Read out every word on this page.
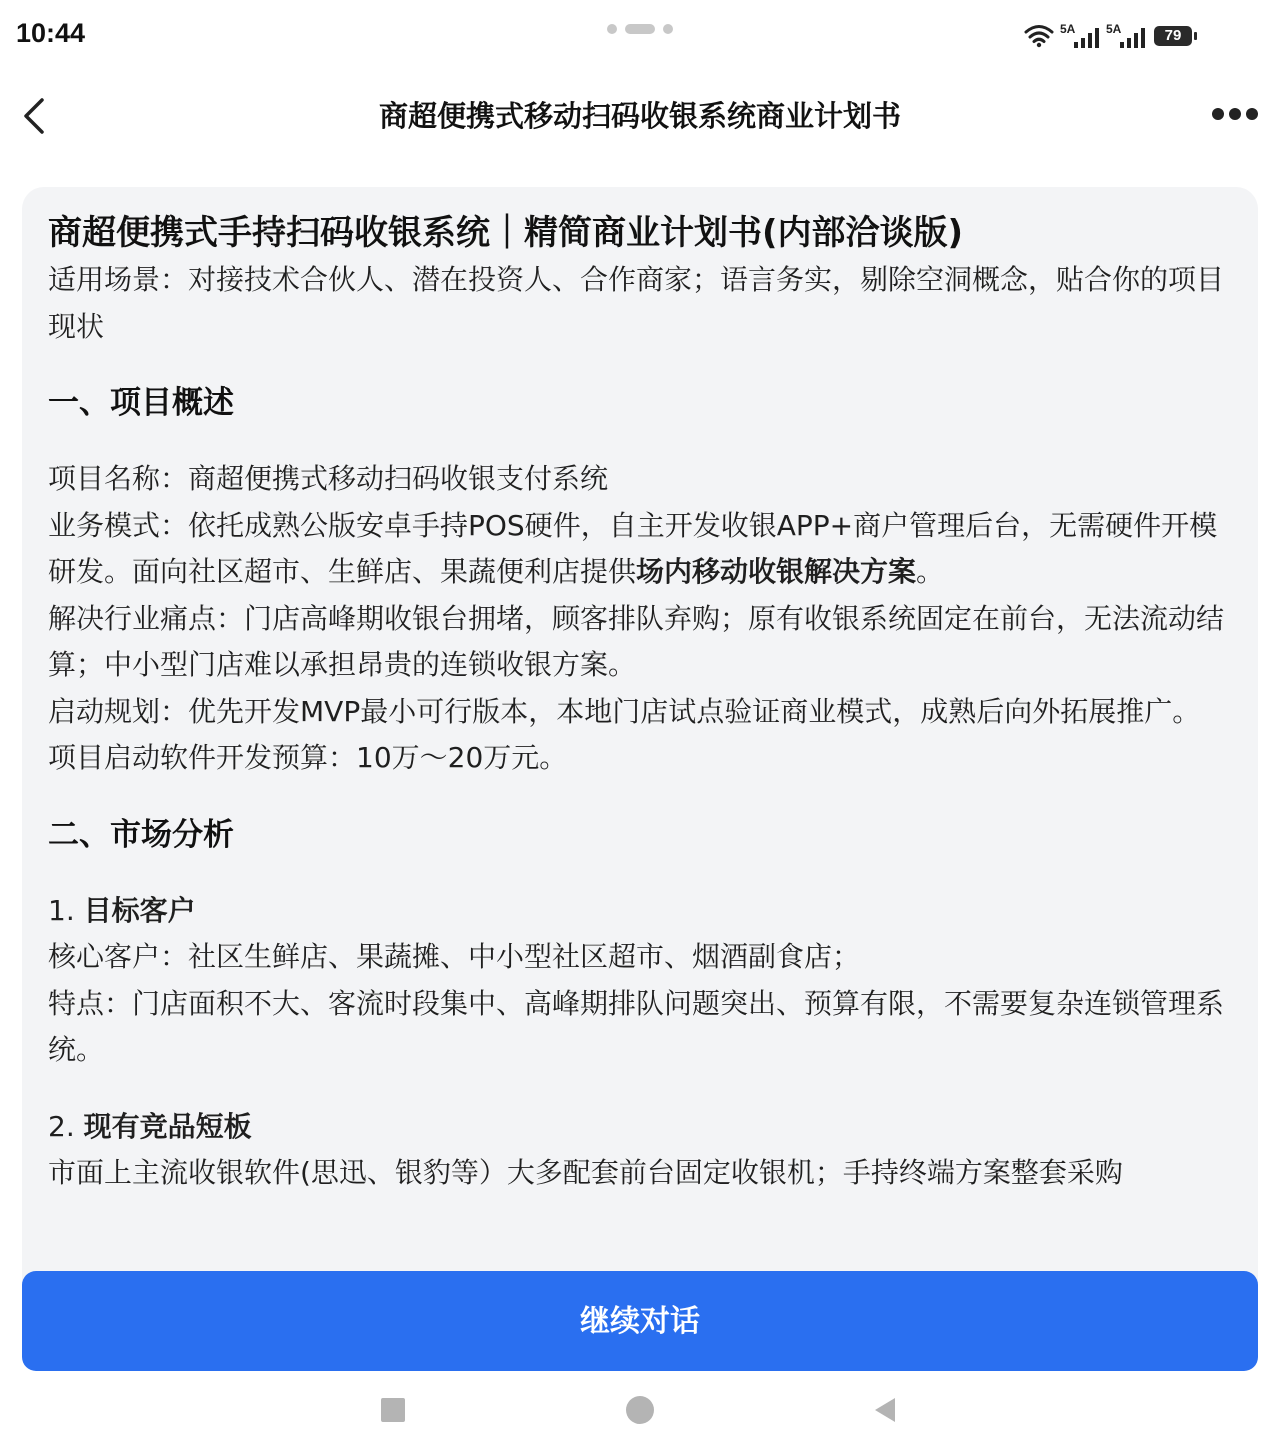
10:44	5A	5A	79
商超便携式移动扫码收银系统商业计划书
商超便携式手持扫码收银系统｜精简商业计划书(内部洽谈版)

适用场景：对接技术合伙人、潜在投资人、合作商家；语言务实，剔除空洞概念，贴合你的项目现状

一、项目概述

项目名称：商超便携式移动扫码收银支付系统

业务模式：依托成熟公版安卓手持POS硬件，自主开发收银APP+商户管理后台，无需硬件开模研发。面向社区超市、生鲜店、果蔬便利店提供场内移动收银解决方案。

解决行业痛点：门店高峰期收银台拥堵，顾客排队弃购；原有收银系统固定在前台，无法流动结算；中小型门店难以承担昂贵的连锁收银方案。

启动规划：优先开发MVP最小可行版本，本地门店试点验证商业模式，成熟后向外拓展推广。

项目启动软件开发预算：10万～20万元。

二、市场分析

1. 目标客户

核心客户：社区生鲜店、果蔬摊、中小型社区超市、烟酒副食店；

特点：门店面积不大、客流时段集中、高峰期排队问题突出、预算有限，不需要复杂连锁管理系统。

2. 现有竞品短板

市面上主流收银软件(思迅、银豹等）大多配套前台固定收银机；手持终端方案整套采购

继续对话
